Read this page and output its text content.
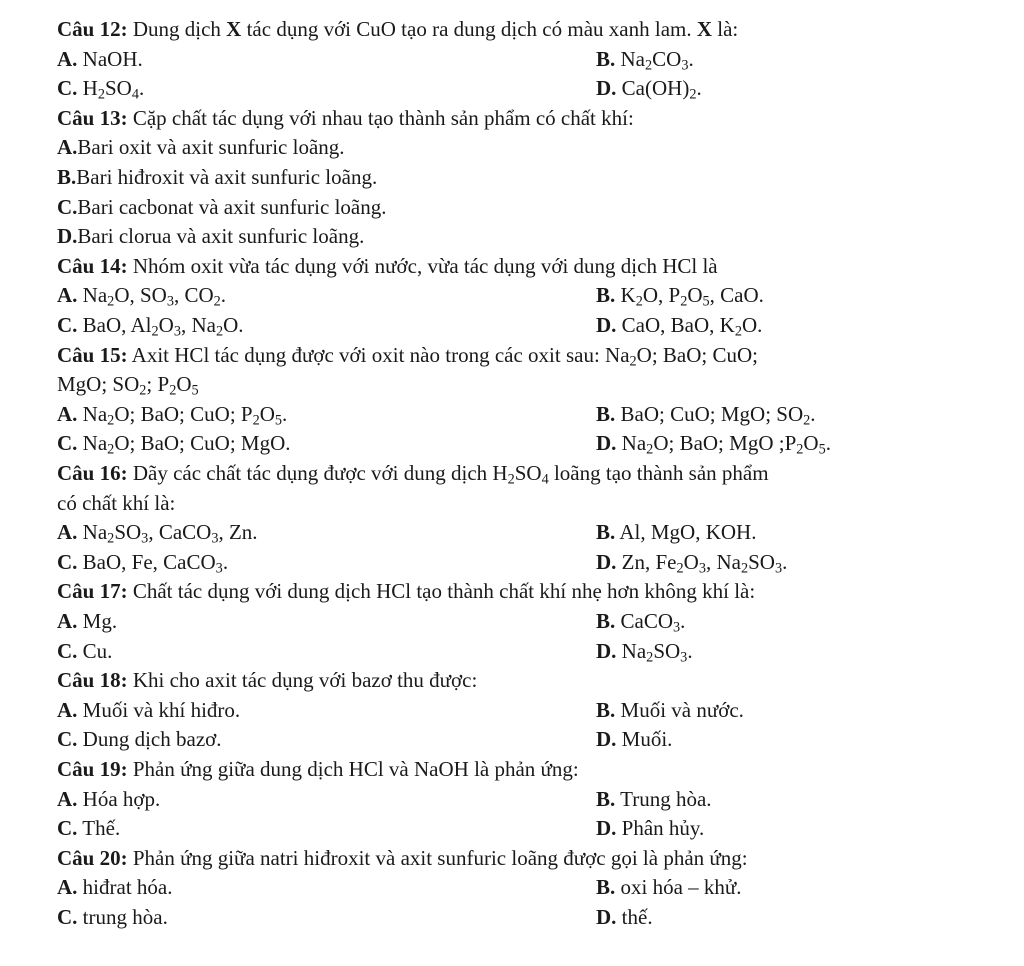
Câu 12: Dung dịch X tác dụng với CuO tạo ra dung dịch có màu xanh lam. X là:
A. NaOH.	B. $Na_2CO_3$.
C. $H_2SO_4$.	D. $Ca(OH)_2$.
Câu 13: Cặp chất tác dụng với nhau tạo thành sản phẩm có chất khí:
A.Bari oxit và axit sunfuric loãng.
B.Bari hiđroxit và axit sunfuric loãng.
C.Bari cacbonat và axit sunfuric loãng.
D.Bari clorua và axit sunfuric loãng.
Câu 14: Nhóm oxit vừa tác dụng với nước, vừa tác dụng với dung dịch HCl là
A. $Na_2O$, $SO_3$, $CO_2$.	B. $K_2O$, $P_2O_5$, CaO.
C. BaO, $Al_2O_3$, $Na_2O$.	D. CaO, BaO, $K_2O$.
Câu 15: Axit HCl tác dụng được với oxit nào trong các oxit sau: $Na_2O$; BaO; CuO;
MgO; $SO_2$; $P_2O_5$
A. $Na_2O$; BaO; CuO; $P_2O_5$.	B. BaO; CuO; MgO; $SO_2$.
C. $Na_2O$; BaO; CuO; MgO.	D. $Na_2O$; BaO; MgO $;P_2O_5$.
Câu 16: Dãy các chất tác dụng được với dung dịch $H_2SO_4$ loãng tạo thành sản phẩm
có chất khí là:
A. $Na_2SO_3$, CaCO$_3$, Zn.	B. Al, MgO, KOH.
C. BaO, Fe, CaCO$_3$.	D. Zn, $Fe_2O_3$, $Na_2SO_3$.
Câu 17: Chất tác dụng với dung dịch HCl tạo thành chất khí nhẹ hơn không khí là:
A. Mg.	B. CaCO$_3$.
C. Cu.	D. $Na_2SO_3$.
Câu 18: Khi cho axit tác dụng với bazơ thu được:
A. Muối và khí hiđro.	B. Muối và nước.
C. Dung dịch bazơ.	D. Muối.
Câu 19: Phản ứng giữa dung dịch HCl và NaOH là phản ứng:
A. Hóa hợp.	B. Trung hòa.
C. Thế.	D. Phân hủy.
Câu 20: Phản ứng giữa natri hiđroxit và axit sunfuric loãng được gọi là phản ứng:
A. hiđrat hóa.	B. oxi hóa – khử.
C. trung hòa.	D. thế.
